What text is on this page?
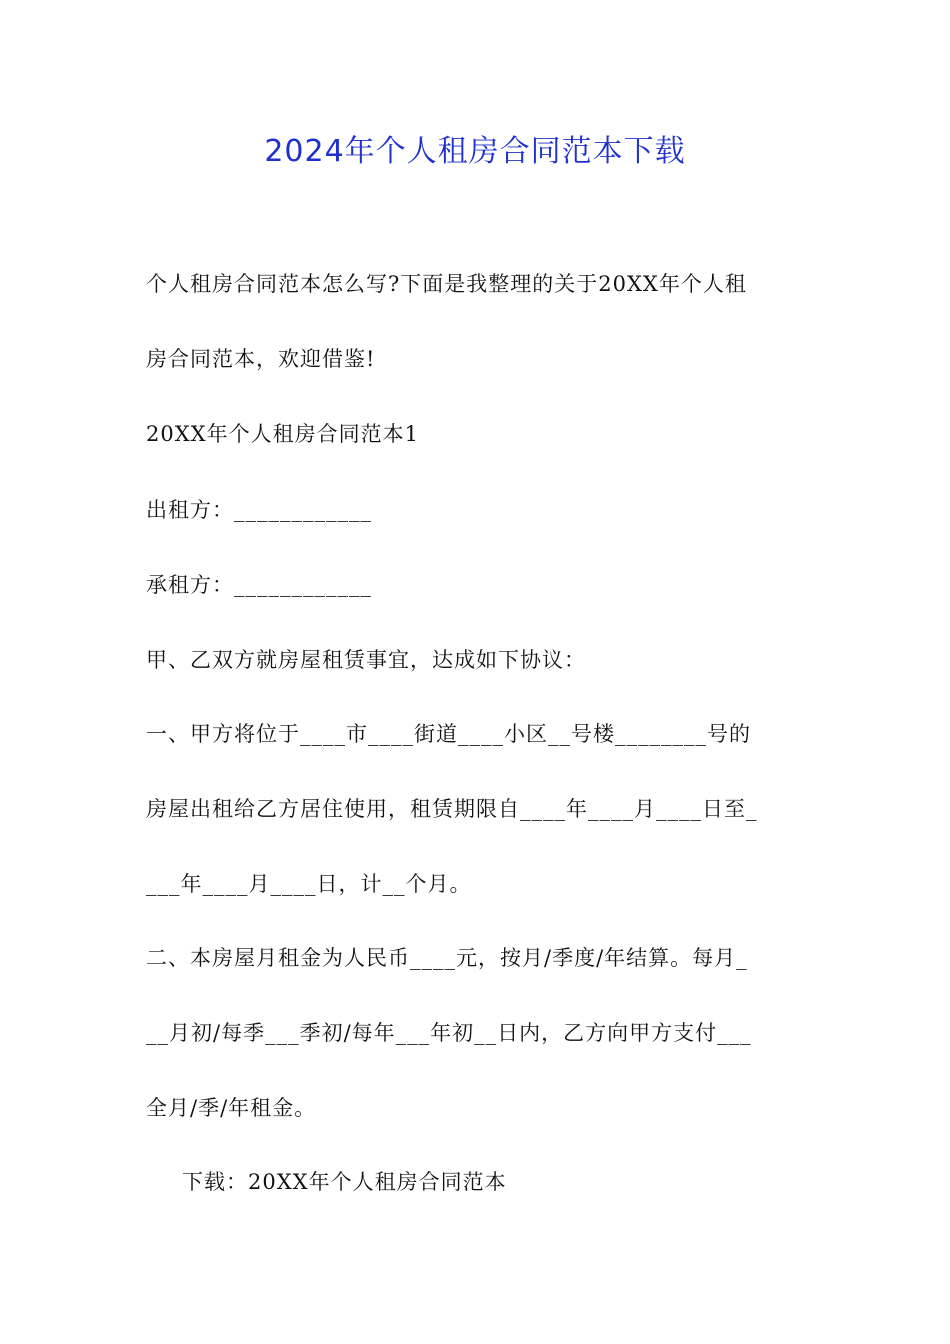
2024年个人租房合同范本下载
个人租房合同范本怎么写?下面是我整理的关于20XX年个人租
房合同范本，欢迎借鉴!
20XX年个人租房合同范本1
出租方：____________
承租方：____________
甲、乙双方就房屋租赁事宜，达成如下协议：
一、甲方将位于____市____街道____小区__号楼________号的
房屋出租给乙方居住使用，租赁期限自____年____月____日至_
___年____月____日，计__个月。
二、本房屋月租金为人民币____元，按月/季度/年结算。每月_
__月初/每季___季初/每年___年初__日内，乙方向甲方支付___
全月/季/年租金。
下载：20XX年个人租房合同范本
